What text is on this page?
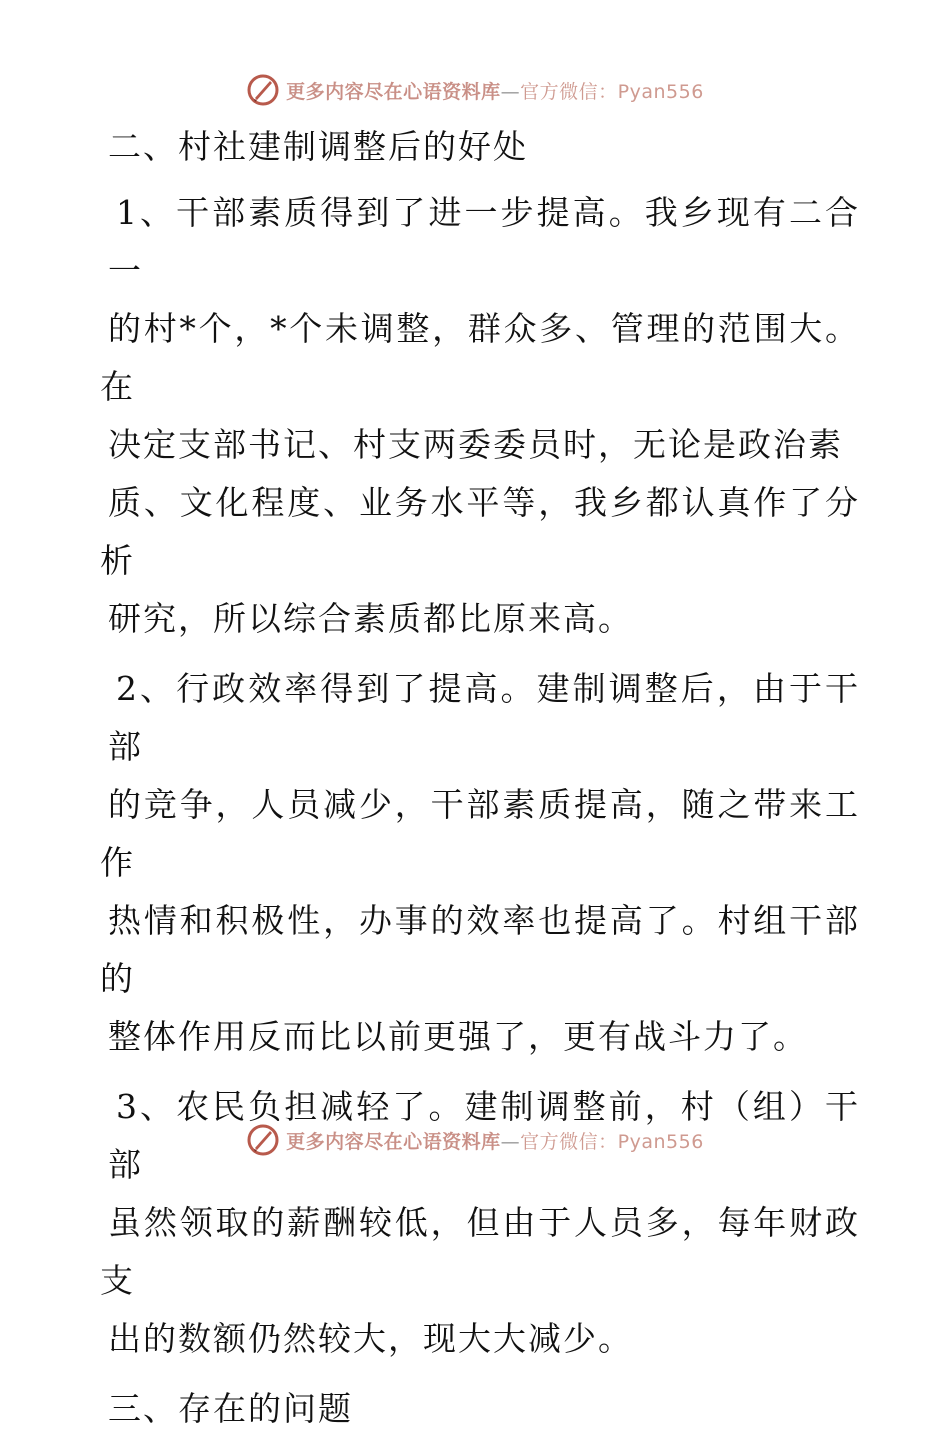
更多内容尽在心语资料库—官方微信：Pyan556
二、村社建制调整后的好处
1、干部素质得到了进一步提高。我乡现有二合一
的村*个，*个未调整，群众多、管理的范围大。在
决定支部书记、村支两委委员时，无论是政治素
质、文化程度、业务水平等，我乡都认真作了分析
研究，所以综合素质都比原来高。
2、行政效率得到了提高。建制调整后，由于干部
的竞争，人员减少，干部素质提高，随之带来工作
热情和积极性，办事的效率也提高了。村组干部的
整体作用反而比以前更强了，更有战斗力了。
3、农民负担减轻了。建制调整前，村（组）干部
虽然领取的薪酬较低，但由于人员多，每年财政支
出的数额仍然较大，现大大减少。
三、存在的问题
更多内容尽在心语资料库—官方微信：Pyan556
